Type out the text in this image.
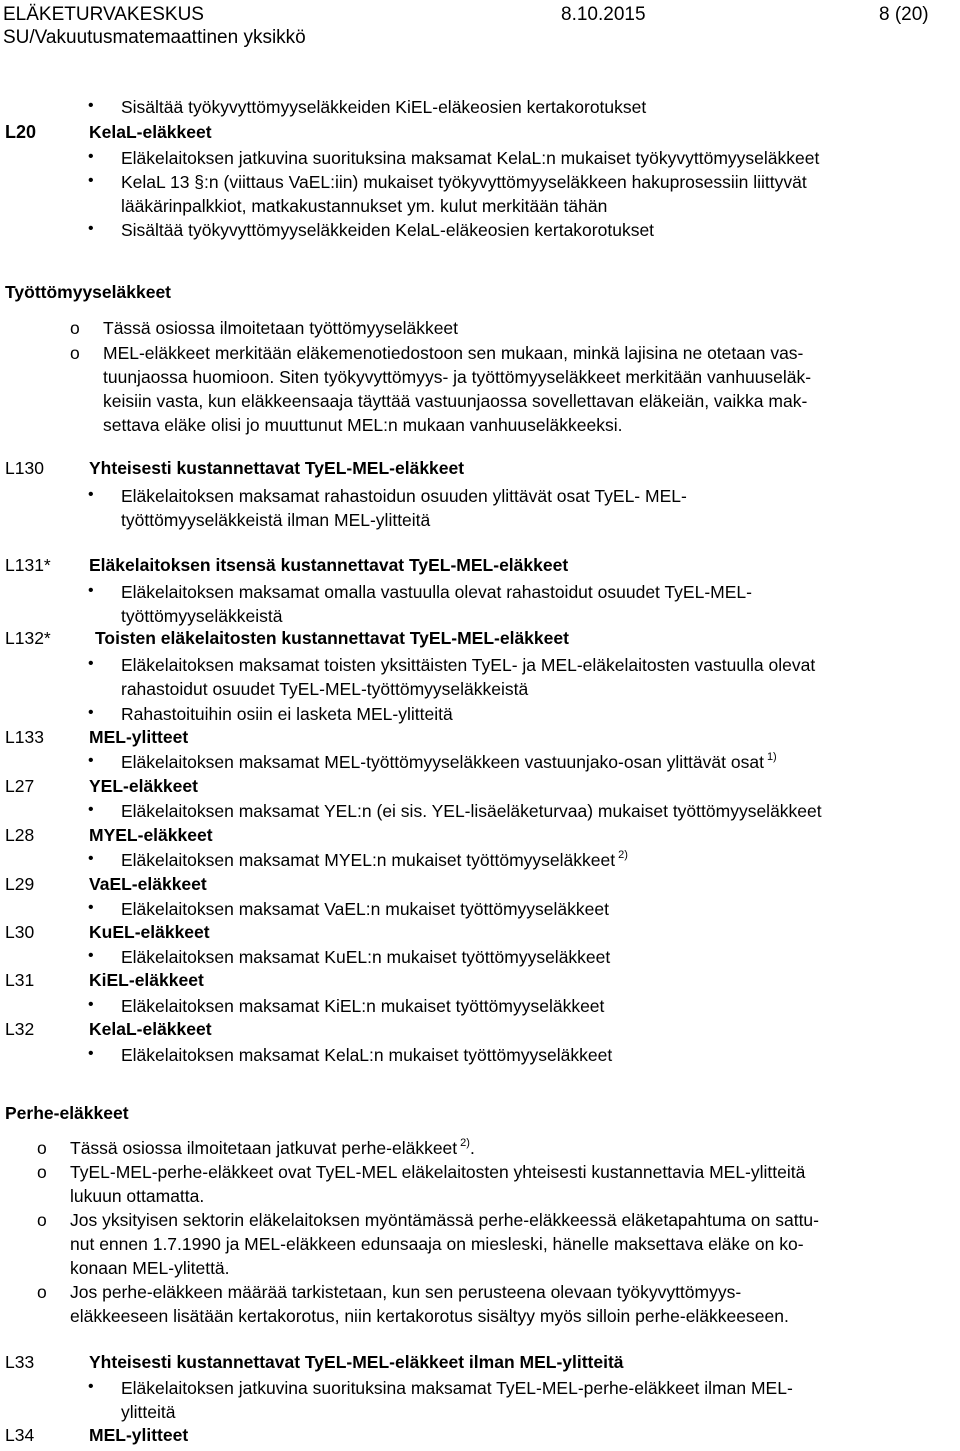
ELÄKETURVAKESKUS	8.10.2015	8 (20)
SU/Vakuutusmatemaattinen yksikkö
• Sisältää työkyvyttömyyseläkkeiden KiEL-eläkeosien kertakorotukset
L20	KelaL-eläkkeet
• Eläkelaitoksen jatkuvina suorituksina maksamat KelaL:n mukaiset työkyvyttömyyseläkkeet
• KelaL 13 §:n (viittaus VaEL:iin) mukaiset työkyvyttömyyseläkkeen hakuprosessiin liittyvät
lääkärinpalkkiot, matkakustannukset ym. kulut merkitään tähän
• Sisältää työkyvyttömyyseläkkeiden KelaL-eläkeosien kertakorotukset
Työttömyyseläkkeet
o Tässä osiossa ilmoitetaan työttömyyseläkkeet
o MEL-eläkkeet merkitään eläkemenotiedostoon sen mukaan, minkä lajisina ne otetaan vas-
tuunjaossa huomioon. Siten työkyvyttömyys- ja työttömyyseläkkeet merkitään vanhuuseläk-
keisiin vasta, kun eläkkeensaaja täyttää vastuunjaossa sovellettavan eläkeiän, vaikka mak-
settava eläke olisi jo muuttunut MEL:n mukaan vanhuuseläkkeeksi.
L130	Yhteisesti kustannettavat TyEL-MEL-eläkkeet
• Eläkelaitoksen maksamat rahastoidun osuuden ylittävät osat TyEL- MEL-
työttömyyseläkkeistä ilman MEL-ylitteitä
L131* Eläkelaitoksen itsensä kustannettavat TyEL-MEL-eläkkeet
• Eläkelaitoksen maksamat omalla vastuulla olevat rahastoidut osuudet TyEL-MEL-
työttömyyseläkkeistä
L132*	Toisten eläkelaitosten kustannettavat TyEL-MEL-eläkkeet
• Eläkelaitoksen maksamat toisten yksittäisten TyEL- ja MEL-eläkelaitosten vastuulla olevat
rahastoidut osuudet TyEL-MEL-työttömyyseläkkeistä
• Rahastoituihin osiin ei lasketa MEL-ylitteitä
L133	MEL-ylitteet
• Eläkelaitoksen maksamat MEL-työttömyyseläkkeen vastuunjako-osan ylittävät osat $^{1)}$
L27	YEL-eläkkeet
• Eläkelaitoksen maksamat YEL:n (ei sis. YEL-lisäeläketurvaa) mukaiset työttömyyseläkkeet
L28	MYEL-eläkkeet
• Eläkelaitoksen maksamat MYEL:n mukaiset työttömyyseläkkeet $^{2)}$
L29	VaEL-eläkkeet
• Eläkelaitoksen maksamat VaEL:n mukaiset työttömyyseläkkeet
L30	KuEL-eläkkeet
• Eläkelaitoksen maksamat KuEL:n mukaiset työttömyyseläkkeet
L31	KiEL-eläkkeet
• Eläkelaitoksen maksamat KiEL:n mukaiset työttömyyseläkkeet
L32	KelaL-eläkkeet
• Eläkelaitoksen maksamat KelaL:n mukaiset työttömyyseläkkeet
Perhe-eläkkeet
o Tässä osiossa ilmoitetaan jatkuvat perhe-eläkkeet $^{2)}$.
o TyEL-MEL-perhe-eläkkeet ovat TyEL-MEL eläkelaitosten yhteisesti kustannettavia MEL-ylitteitä
lukuun ottamatta.
o Jos yksityisen sektorin eläkelaitoksen myöntämässä perhe-eläkkeessä eläketapahtuma on sattu-
nut ennen 1.7.1990 ja MEL-eläkkeen edunsaaja on miesleski, hänelle maksettava eläke on ko-
konaan MEL-ylitettä.
o Jos perhe-eläkkeen määrää tarkistetaan, kun sen perusteena olevaan työkyvyttömyys-
eläkkeeseen lisätään kertakorotus, niin kertakorotus sisältyy myös silloin perhe-eläkkeeseen.
L33	Yhteisesti kustannettavat TyEL-MEL-eläkkeet ilman MEL-ylitteitä
• Eläkelaitoksen jatkuvina suorituksina maksamat TyEL-MEL-perhe-eläkkeet ilman MEL-
ylitteitä
L34	MEL-ylitteet
